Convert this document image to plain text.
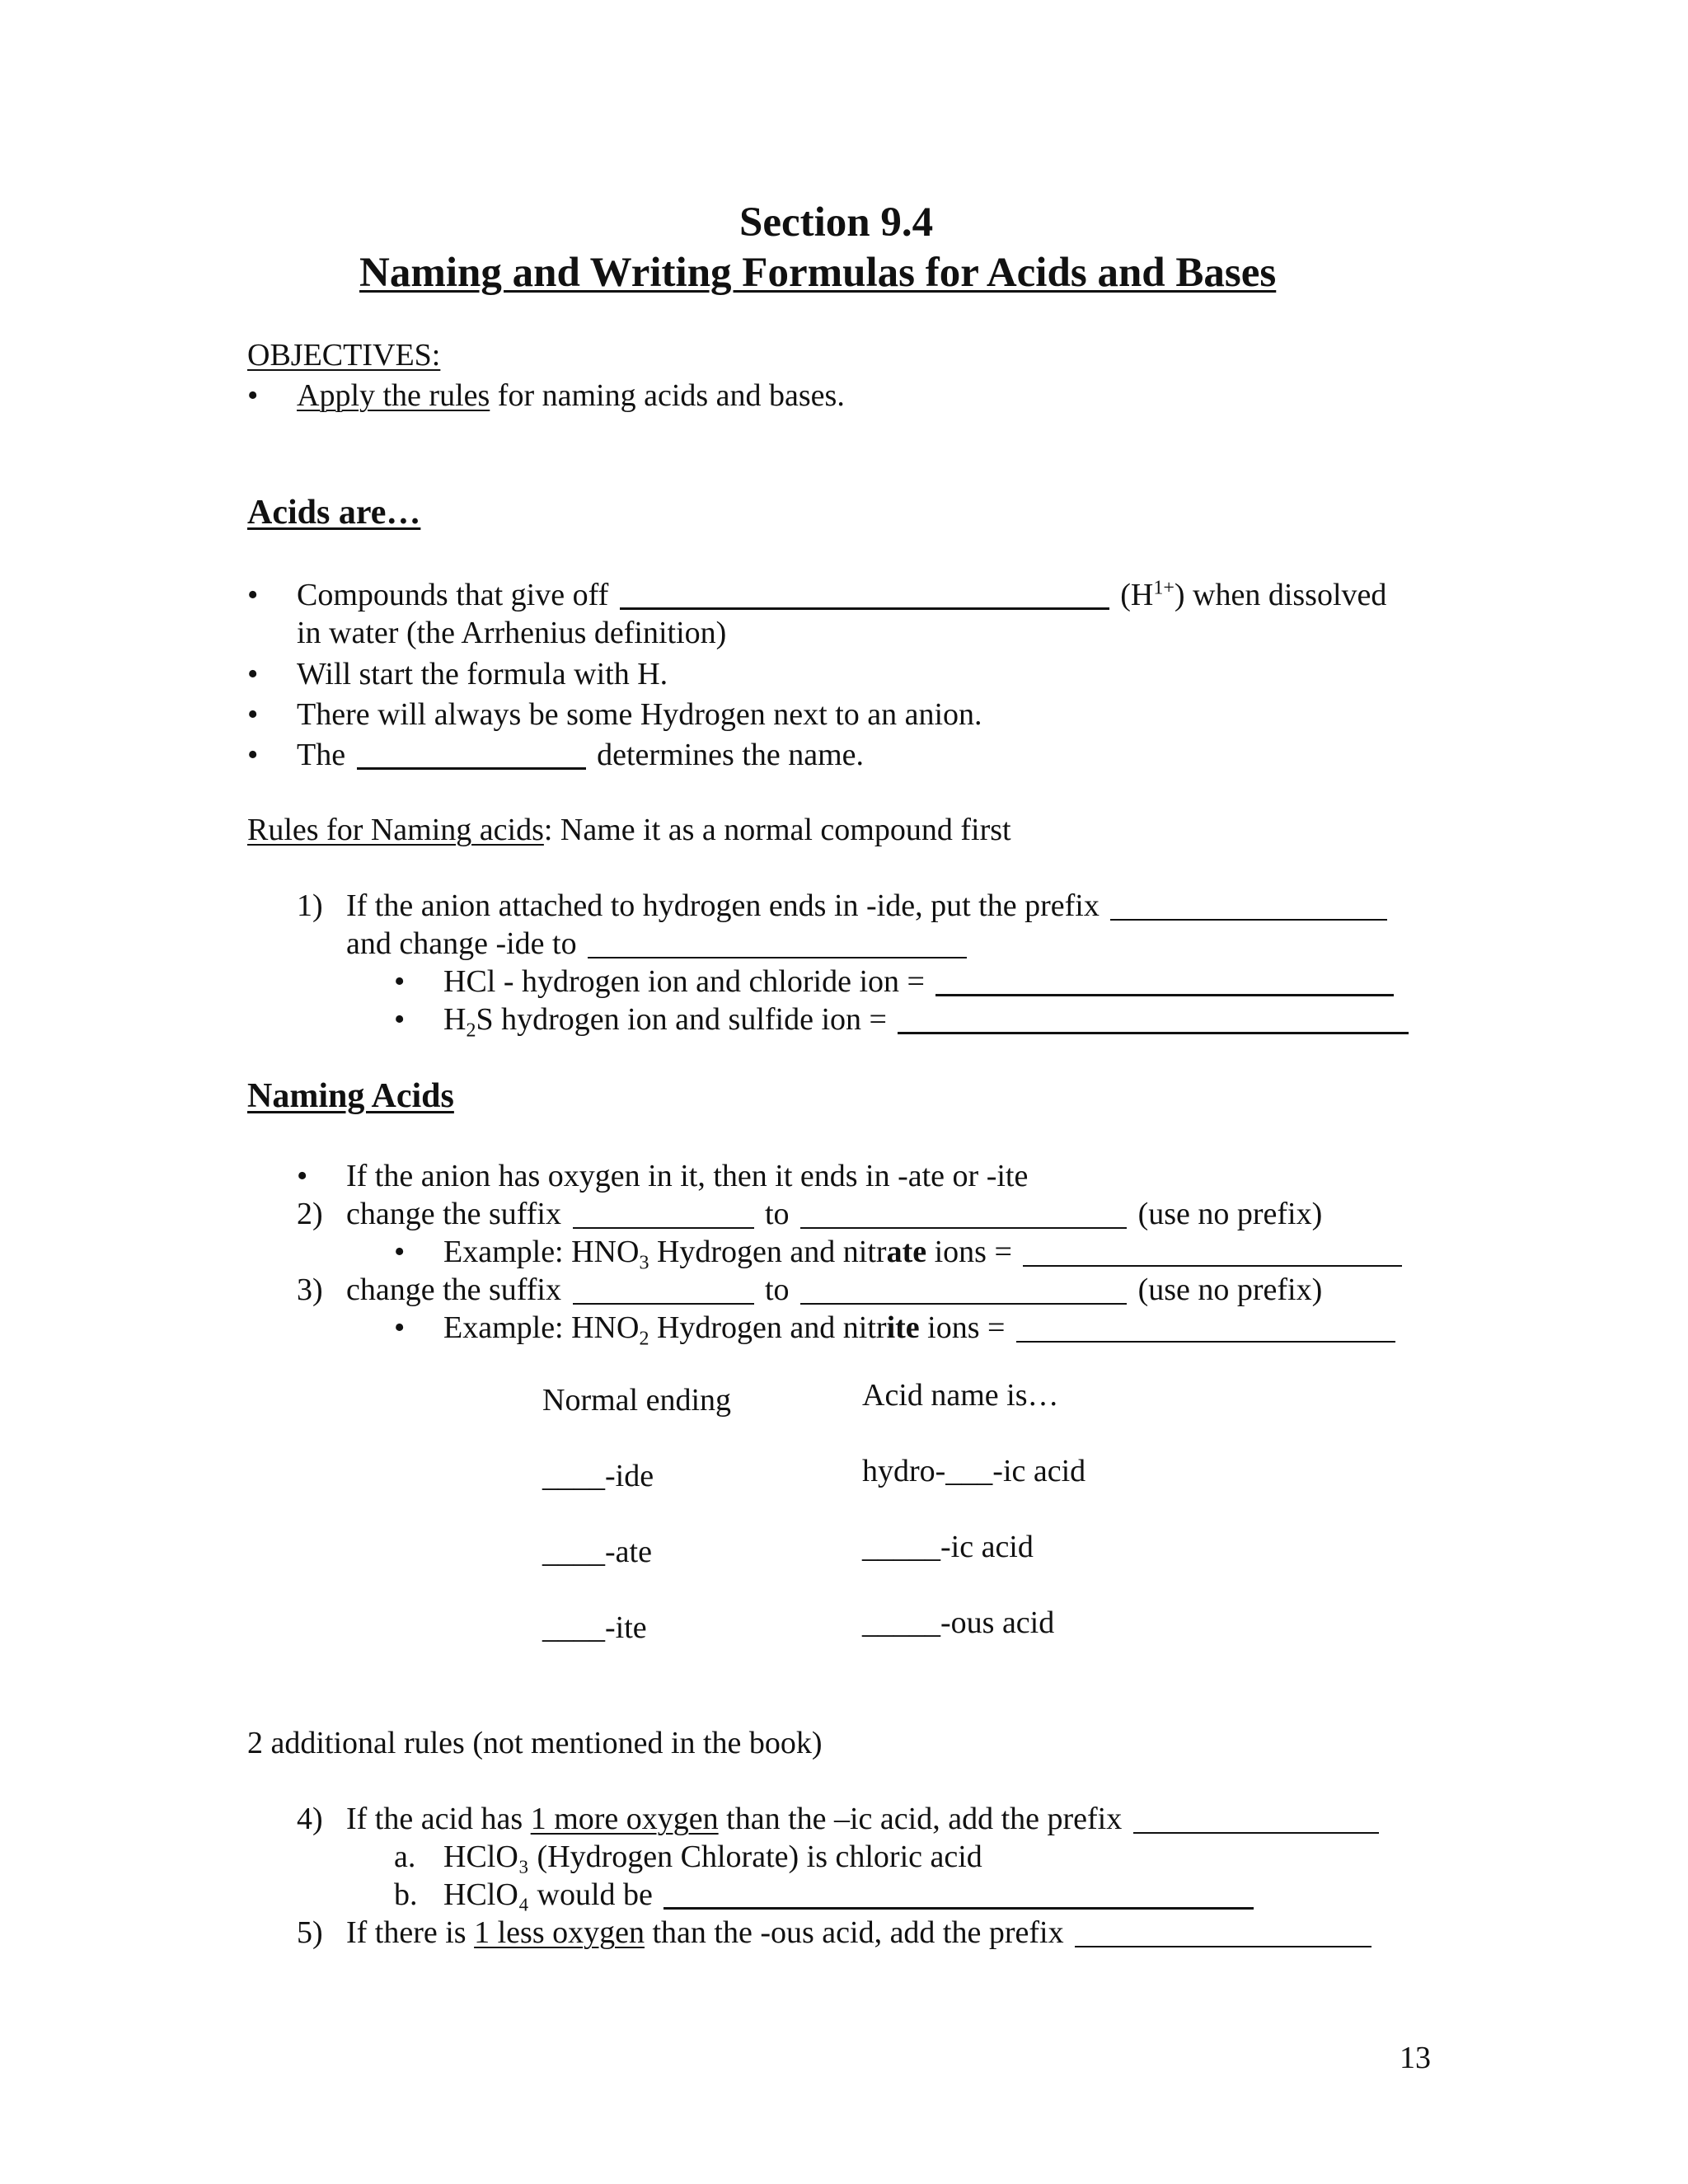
Section 9.4
Naming and Writing Formulas for Acids and Bases
OBJECTIVES:
• Apply the rules for naming acids and bases.
Acids are…
• Compounds that give off	$(H^{1+})$ when dissolved
in water (the Arrhenius definition)
• Will start the formula with H.
• There will always be some Hydrogen next to an anion.
• The	determines the name.
Rules for Naming acids: Name it as a normal compound first
1) If the anion attached to hydrogen ends in -ide, put the prefix
and change -ide to
• HCl - hydrogen ion and chloride ion =
• $H_2S$ hydrogen ion and sulfide ion =
Naming Acids
• If the anion has oxygen in it, then it ends in -ate or -ite
2) change the suffix	to	(use no prefix)
• Example: $HNO_3$ Hydrogen and nitrate ions =
3) change the suffix	to	(use no prefix)
• Example: $HNO_2$ Hydrogen and nitrite ions =
Normal ending	Acid name is…
____-ide	hydro-___-ic acid
____-ate	_____-ic acid
____-ite	_____-ous acid
2 additional rules (not mentioned in the book)
4) If the acid has 1 more oxygen than the –ic acid, add the prefix
a. HClO₃ (Hydrogen Chlorate) is chloric acid
b. HClO₄ would be
5) If there is 1 less oxygen than the -ous acid, add the prefix
13
